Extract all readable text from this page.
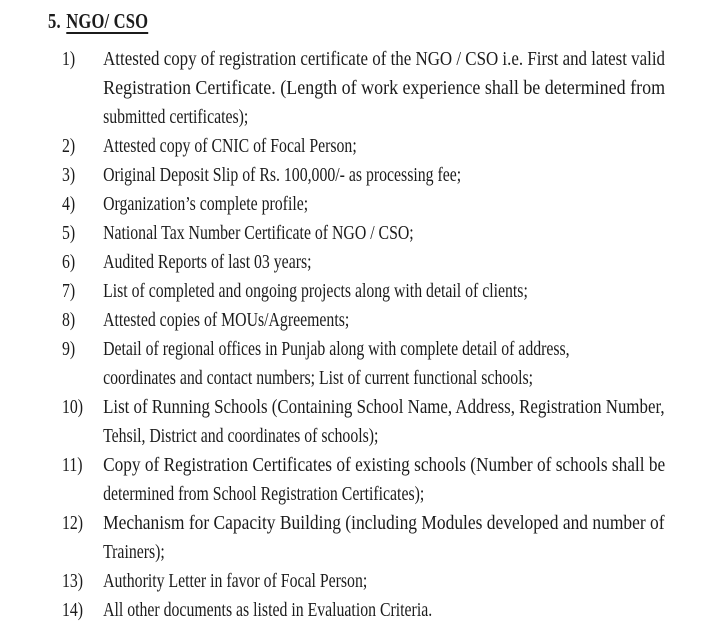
5. NGO/ CSO
1)	Attested copy of registration certificate of the NGO / CSO i.e. First and latest valid
Registration Certificate. (Length of work experience shall be determined from
submitted certificates);
2)	Attested copy of CNIC of Focal Person;
3)	Original Deposit Slip of Rs. 100,000/- as processing fee;
4)	Organization’s complete profile;
5)	National Tax Number Certificate of NGO / CSO;
6)	Audited Reports of last 03 years;
7)	List of completed and ongoing projects along with detail of clients;
8)	Attested copies of MOUs/Agreements;
9)	Detail of regional offices in Punjab along with complete detail of address,
coordinates and contact numbers; List of current functional schools;
10)	List of Running Schools (Containing School Name, Address, Registration Number,
Tehsil, District and coordinates of schools);
11)	Copy of Registration Certificates of existing schools (Number of schools shall be
determined from School Registration Certificates);
12)	Mechanism for Capacity Building (including Modules developed and number of
Trainers);
13)	Authority Letter in favor of Focal Person;
14)	All other documents as listed in Evaluation Criteria.
